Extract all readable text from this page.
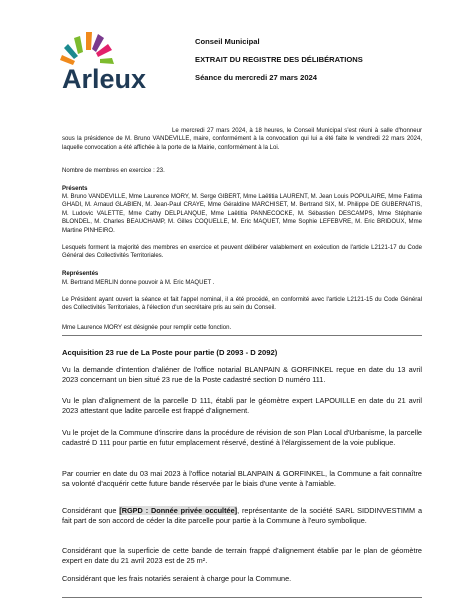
Arleux
Conseil Municipal
EXTRAIT DU REGISTRE DES DÉLIBÉRATIONS
Séance du mercredi 27 mars 2024
Le mercredi 27 mars 2024, à 18 heures, le Conseil Municipal s'est réuni à salle d'honneur sous la présidence de M. Bruno VANDEVILLE, maire, conformément à la convocation qui lui a été faite le vendredi 22 mars 2024, laquelle convocation a été affichée à la porte de la Mairie, conformément à la Loi.
Nombre de membres en exercice : 23.
Présents
M. Bruno VANDEVILLE, Mme Laurence MORY, M. Serge GIBERT, Mme Laëtitia LAURENT, M. Jean Louis POPULAIRE, Mme Fatima GHADI, M. Arnaud GLABIEN, M. Jean-Paul CRAYE, Mme Géraldine MARCHISET, M. Bertrand SIX, M. Philippe DE GUBERNATIS, M. Ludovic VALETTE, Mme Cathy DELPLANQUE, Mme Laëtitia PANNECOCKE, M. Sébastien DESCAMPS, Mme Stéphanie BLONDEL, M. Charles BEAUCHAMP, M. Gilles COQUELLE, M. Eric MAQUET, Mme Sophie LEFEBVRE, M. Eric BRIDOUX, Mme Martine PINHEIRO.
Lesquels forment la majorité des membres en exercice et peuvent délibérer valablement en exécution de l'article L2121-17 du Code Général des Collectivités Territoriales.
Représentés
M. Bertrand MERLIN donne pouvoir à M. Eric MAQUET .
Le Président ayant ouvert la séance et fait l'appel nominal, il a été procédé, en conformité avec l'article L2121-15 du Code Général des Collectivités Territoriales, à l'élection d'un secrétaire pris au sein du Conseil.
Mme Laurence MORY est désignée pour remplir cette fonction.
Acquisition 23 rue de La Poste pour partie (D 2093 - D 2092)
Vu la demande d'intention d'aliéner de l'office notarial BLANPAIN & GORFINKEL reçue en date du 13 avril 2023 concernant un bien situé 23 rue de la Poste cadastré section D numéro 111.
Vu le plan d'alignement de la parcelle D 111, établi par le géomètre expert LAPOUILLE en date du 21 avril 2023 attestant que ladite parcelle est frappé d'alignement.
Vu le projet de la Commune d'inscrire dans la procédure de révision de son Plan Local d'Urbanisme, la parcelle cadastré D 111 pour partie en futur emplacement réservé, destiné à l'élargissement de la voie publique.
Par courrier en date du 03 mai 2023 à l'office notarial BLANPAIN & GORFINKEL, la Commune a fait connaître sa volonté d'acquérir cette future bande réservée par le biais d'une vente à l'amiable.
Considérant que [RGPD : Donnée privée occultée], représentante de la société SARL SIDDINVESTIMM a fait part de son accord de céder la dite parcelle pour partie à la Commune à l'euro symbolique.
Considérant que la superficie de cette bande de terrain frappé d'alignement établie par le plan de géomètre expert en date du 21 avril 2023 est de 25 m².
Considérant que les frais notariés seraient à charge pour la Commune.
